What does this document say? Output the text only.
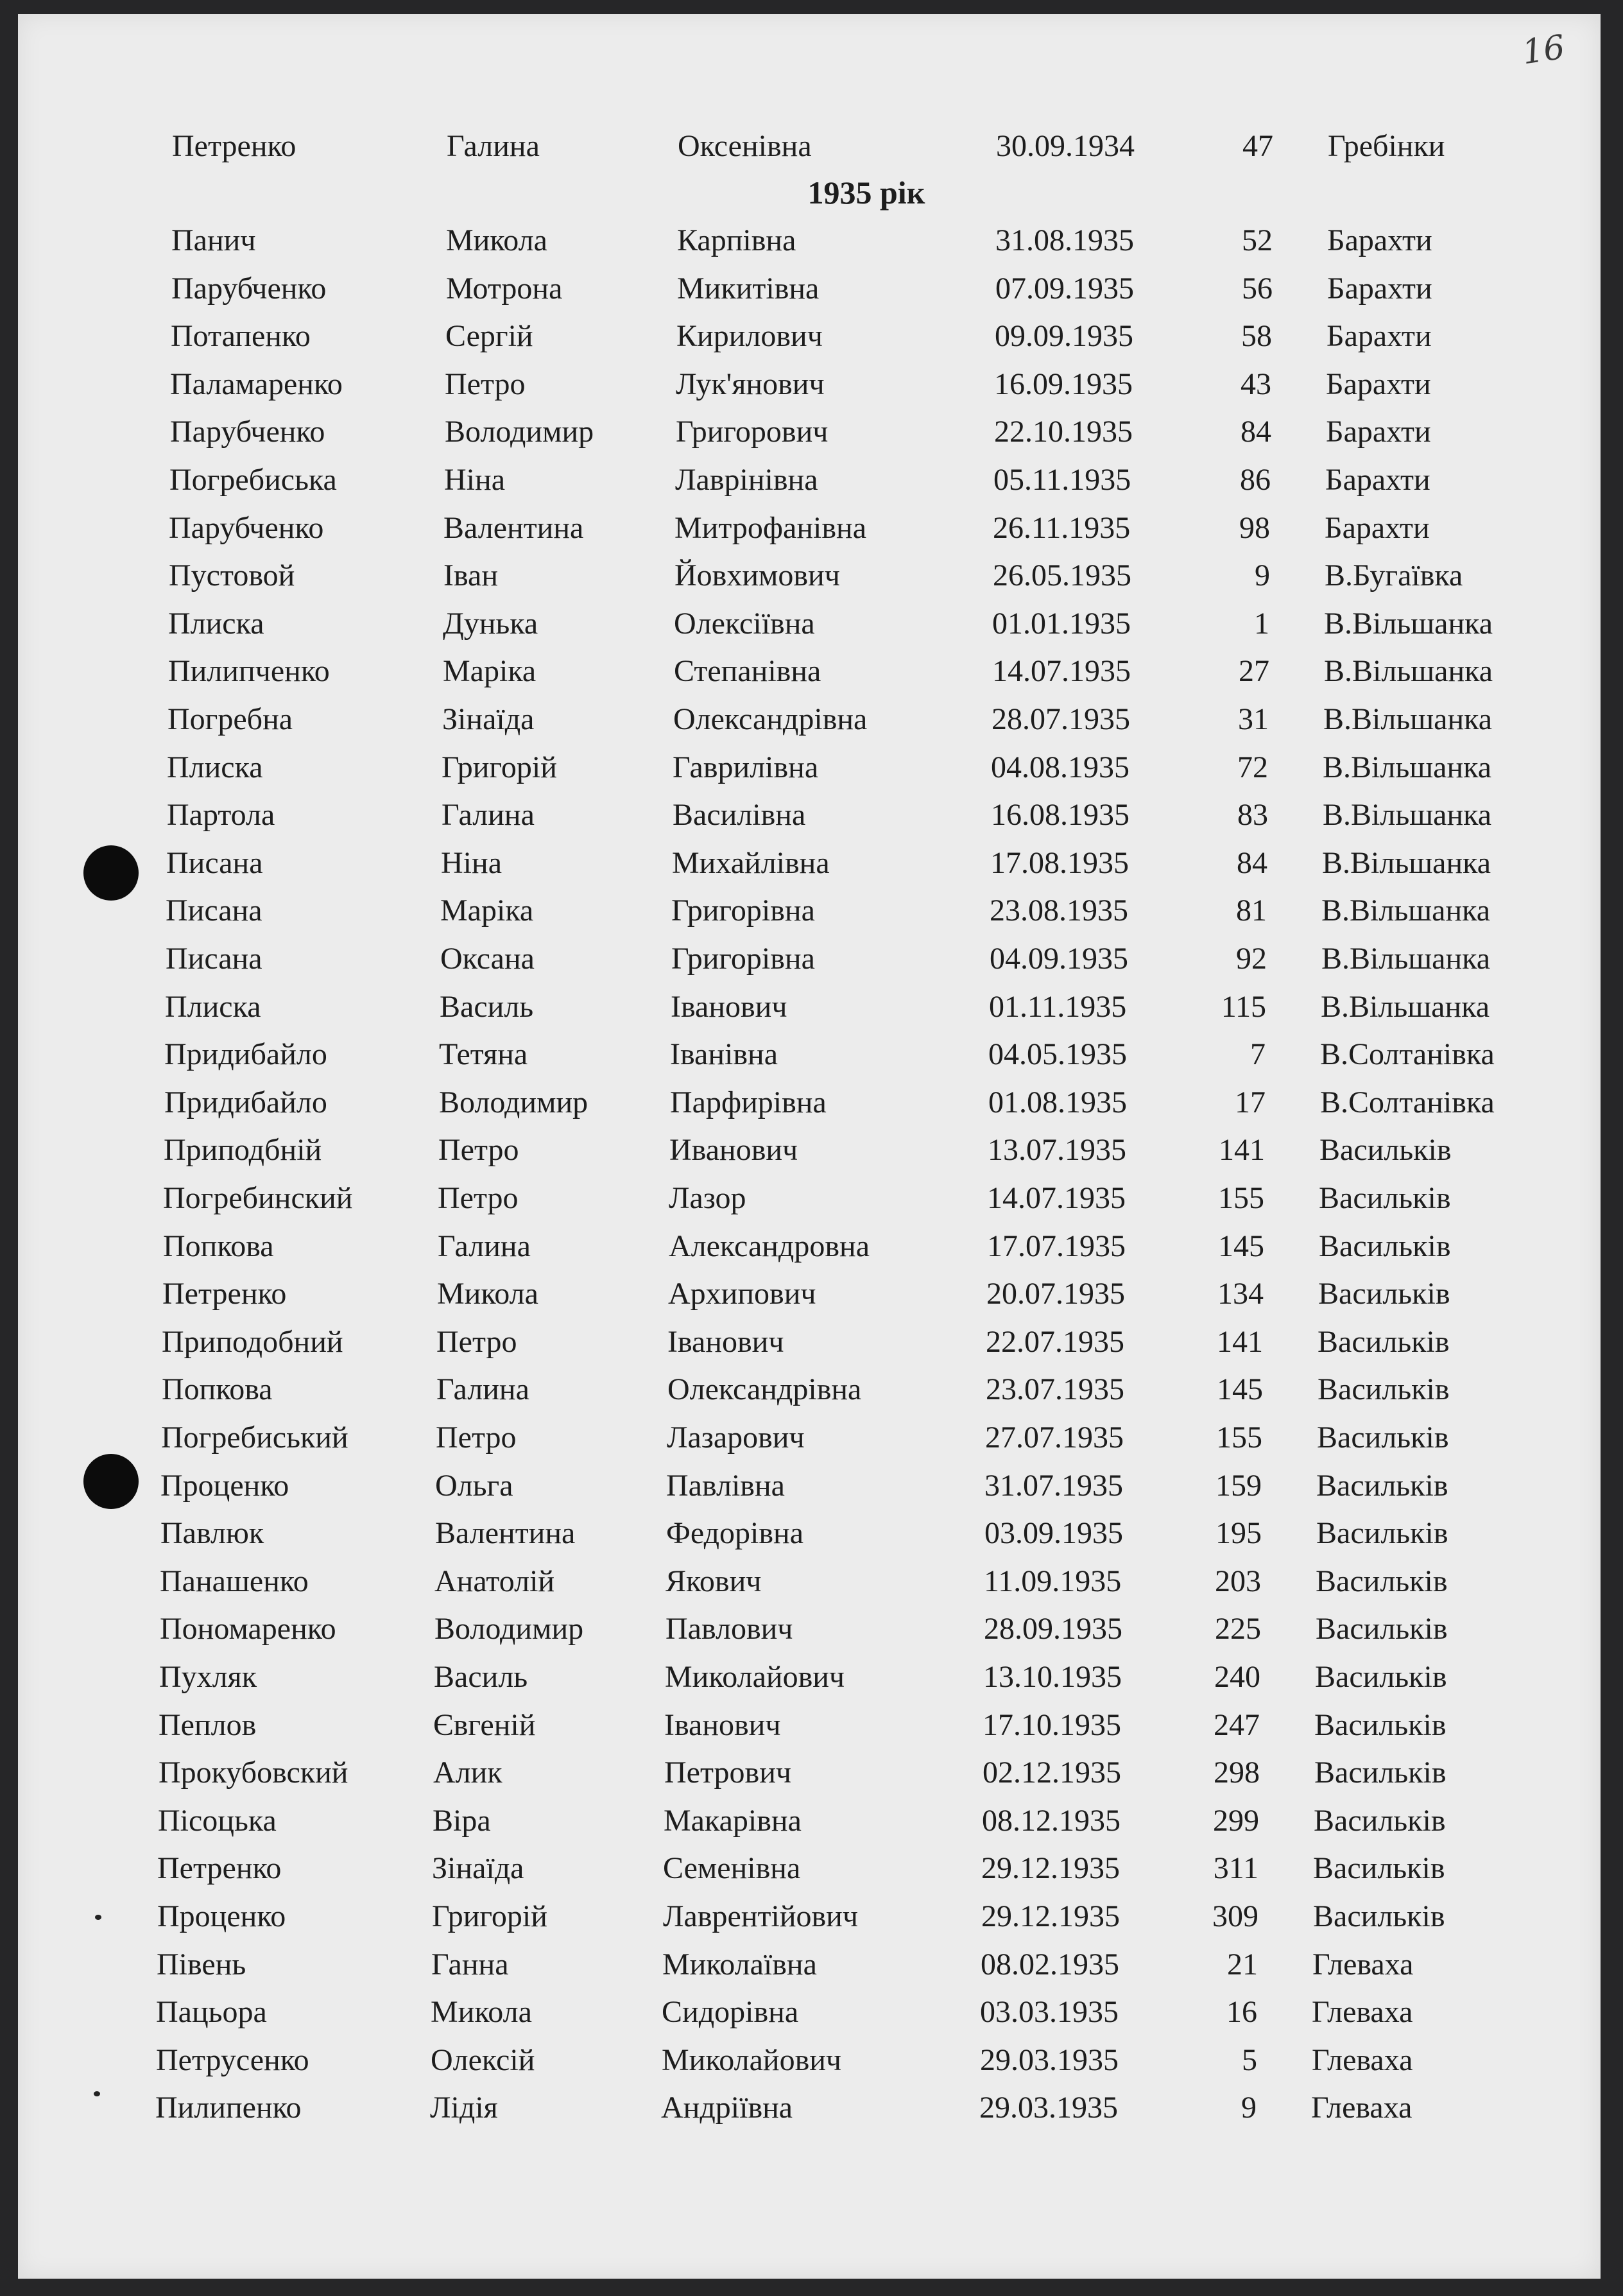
16
1935 рік
Петренко	Галина	Оксенівна	30.09.1934	47 Гребінки
Панич	Микола	Карпівна	31.08.1935	52 Барахти
Парубченко	Мотрона	Микитівна	07.09.1935	56 Барахти
Потапенко	Сергій	Кирилович	09.09.1935	58 Барахти
Паламаренко	Петро	Лук'янович	16.09.1935	43 Барахти
Парубченко	Володимир	Григорович	22.10.1935	84 Барахти
Погребиська	Ніна	Лаврінівна	05.11.1935	86 Барахти
Парубченко	Валентина	Митрофанівна	26.11.1935	98 Барахти
Пустовой	Іван	Йовхимович	26.05.1935	9 В.Бугаївка
Плиска	Дунька	Олексіївна	01.01.1935	1 В.Вільшанка
Пилипченко	Маріка	Степанівна	14.07.1935	27 В.Вільшанка
Погребна	Зінаїда	Олександрівна	28.07.1935	31 В.Вільшанка
Плиска	Григорій	Гаврилівна	04.08.1935	72 В.Вільшанка
Партола	Галина	Василівна	16.08.1935	83 В.Вільшанка
Писана	Ніна	Михайлівна	17.08.1935	84 В.Вільшанка
Писана	Маріка	Григорівна	23.08.1935	81 В.Вільшанка
Писана	Оксана	Григорівна	04.09.1935	92 В.Вільшанка
Плиска	Василь	Іванович	01.11.1935	115 В.Вільшанка
Придибайло	Тетяна	Іванівна	04.05.1935	7 В.Солтанівка
Придибайло	Володимир	Парфирівна	01.08.1935	17 В.Солтанівка
Приподбній	Петро	Иванович	13.07.1935	141 Васильків
Погребинский	Петро	Лазор	14.07.1935	155 Васильків
Попкова	Галина	Александровна	17.07.1935	145 Васильків
Петренко	Микола	Архипович	20.07.1935	134 Васильків
Приподобний	Петро	Іванович	22.07.1935	141 Васильків
Попкова	Галина	Олександрівна	23.07.1935	145 Васильків
Погребиський	Петро	Лазарович	27.07.1935	155 Васильків
Проценко	Ольга	Павлівна	31.07.1935	159 Васильків
Павлюк	Валентина	Федорівна	03.09.1935	195 Васильків
Панашенко	Анатолій	Якович	11.09.1935	203 Васильків
Пономаренко	Володимир	Павлович	28.09.1935	225 Васильків
Пухляк	Василь	Миколайович	13.10.1935	240 Васильків
Пеплов	Євгеній	Іванович	17.10.1935	247 Васильків
Прокубовский	Алик	Петрович	02.12.1935	298 Васильків
Пісоцька	Віра	Макарівна	08.12.1935	299 Васильків
Петренко	Зінаїда	Семенівна	29.12.1935	311 Васильків
Проценко	Григорій	Лаврентійович	29.12.1935	309 Васильків
Півень	Ганна	Миколаївна	08.02.1935	21 Глеваха
Пацьора	Микола	Сидорівна	03.03.1935	16 Глеваха
Петрусенко	Олексій	Миколайович	29.03.1935	5 Глеваха
Пилипенко	Лідія	Андріївна	29.03.1935	9 Глеваха
